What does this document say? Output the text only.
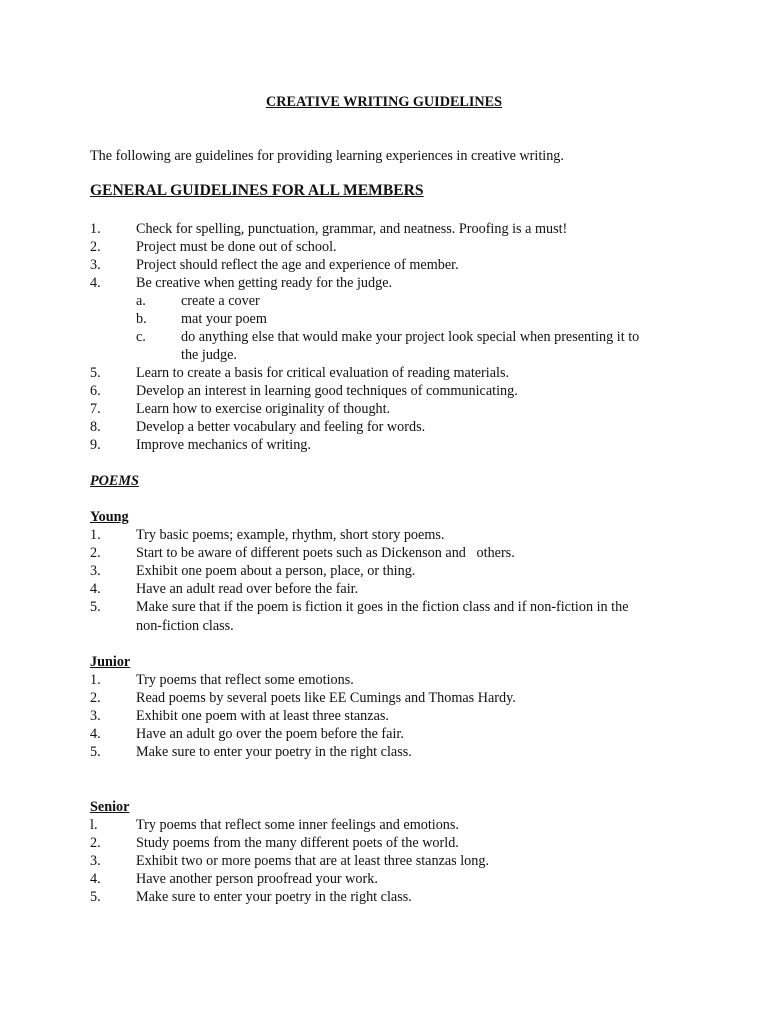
CREATIVE WRITING GUIDELINES
The following are guidelines for providing learning experiences in creative writing.
GENERAL GUIDELINES FOR ALL MEMBERS
1. Check for spelling, punctuation, grammar, and neatness. Proofing is a must!
2. Project must be done out of school.
3. Project should reflect the age and experience of member.
4. Be creative when getting ready for the judge.
a. create a cover
b. mat your poem
c. do anything else that would make your project look special when presenting it to
the judge.
5. Learn to create a basis for critical evaluation of reading materials.
6. Develop an interest in learning good techniques of communicating.
7. Learn how to exercise originality of thought.
8. Develop a better vocabulary and feeling for words.
9. Improve mechanics of writing.
POEMS
Young
1. Try basic poems; example, rhythm, short story poems.
2. Start to be aware of different poets such as Dickenson and   others.
3. Exhibit one poem about a person, place, or thing.
4. Have an adult read over before the fair.
5. Make sure that if the poem is fiction it goes in the fiction class and if non-fiction in the
non-fiction class.
Junior
1. Try poems that reflect some emotions.
2. Read poems by several poets like EE Cumings and Thomas Hardy.
3. Exhibit one poem with at least three stanzas.
4. Have an adult go over the poem before the fair.
5. Make sure to enter your poetry in the right class.
Senior
l.	Try poems that reflect some inner feelings and emotions.
2. Study poems from the many different poets of the world.
3. Exhibit two or more poems that are at least three stanzas long.
4. Have another person proofread your work.
5. Make sure to enter your poetry in the right class.
